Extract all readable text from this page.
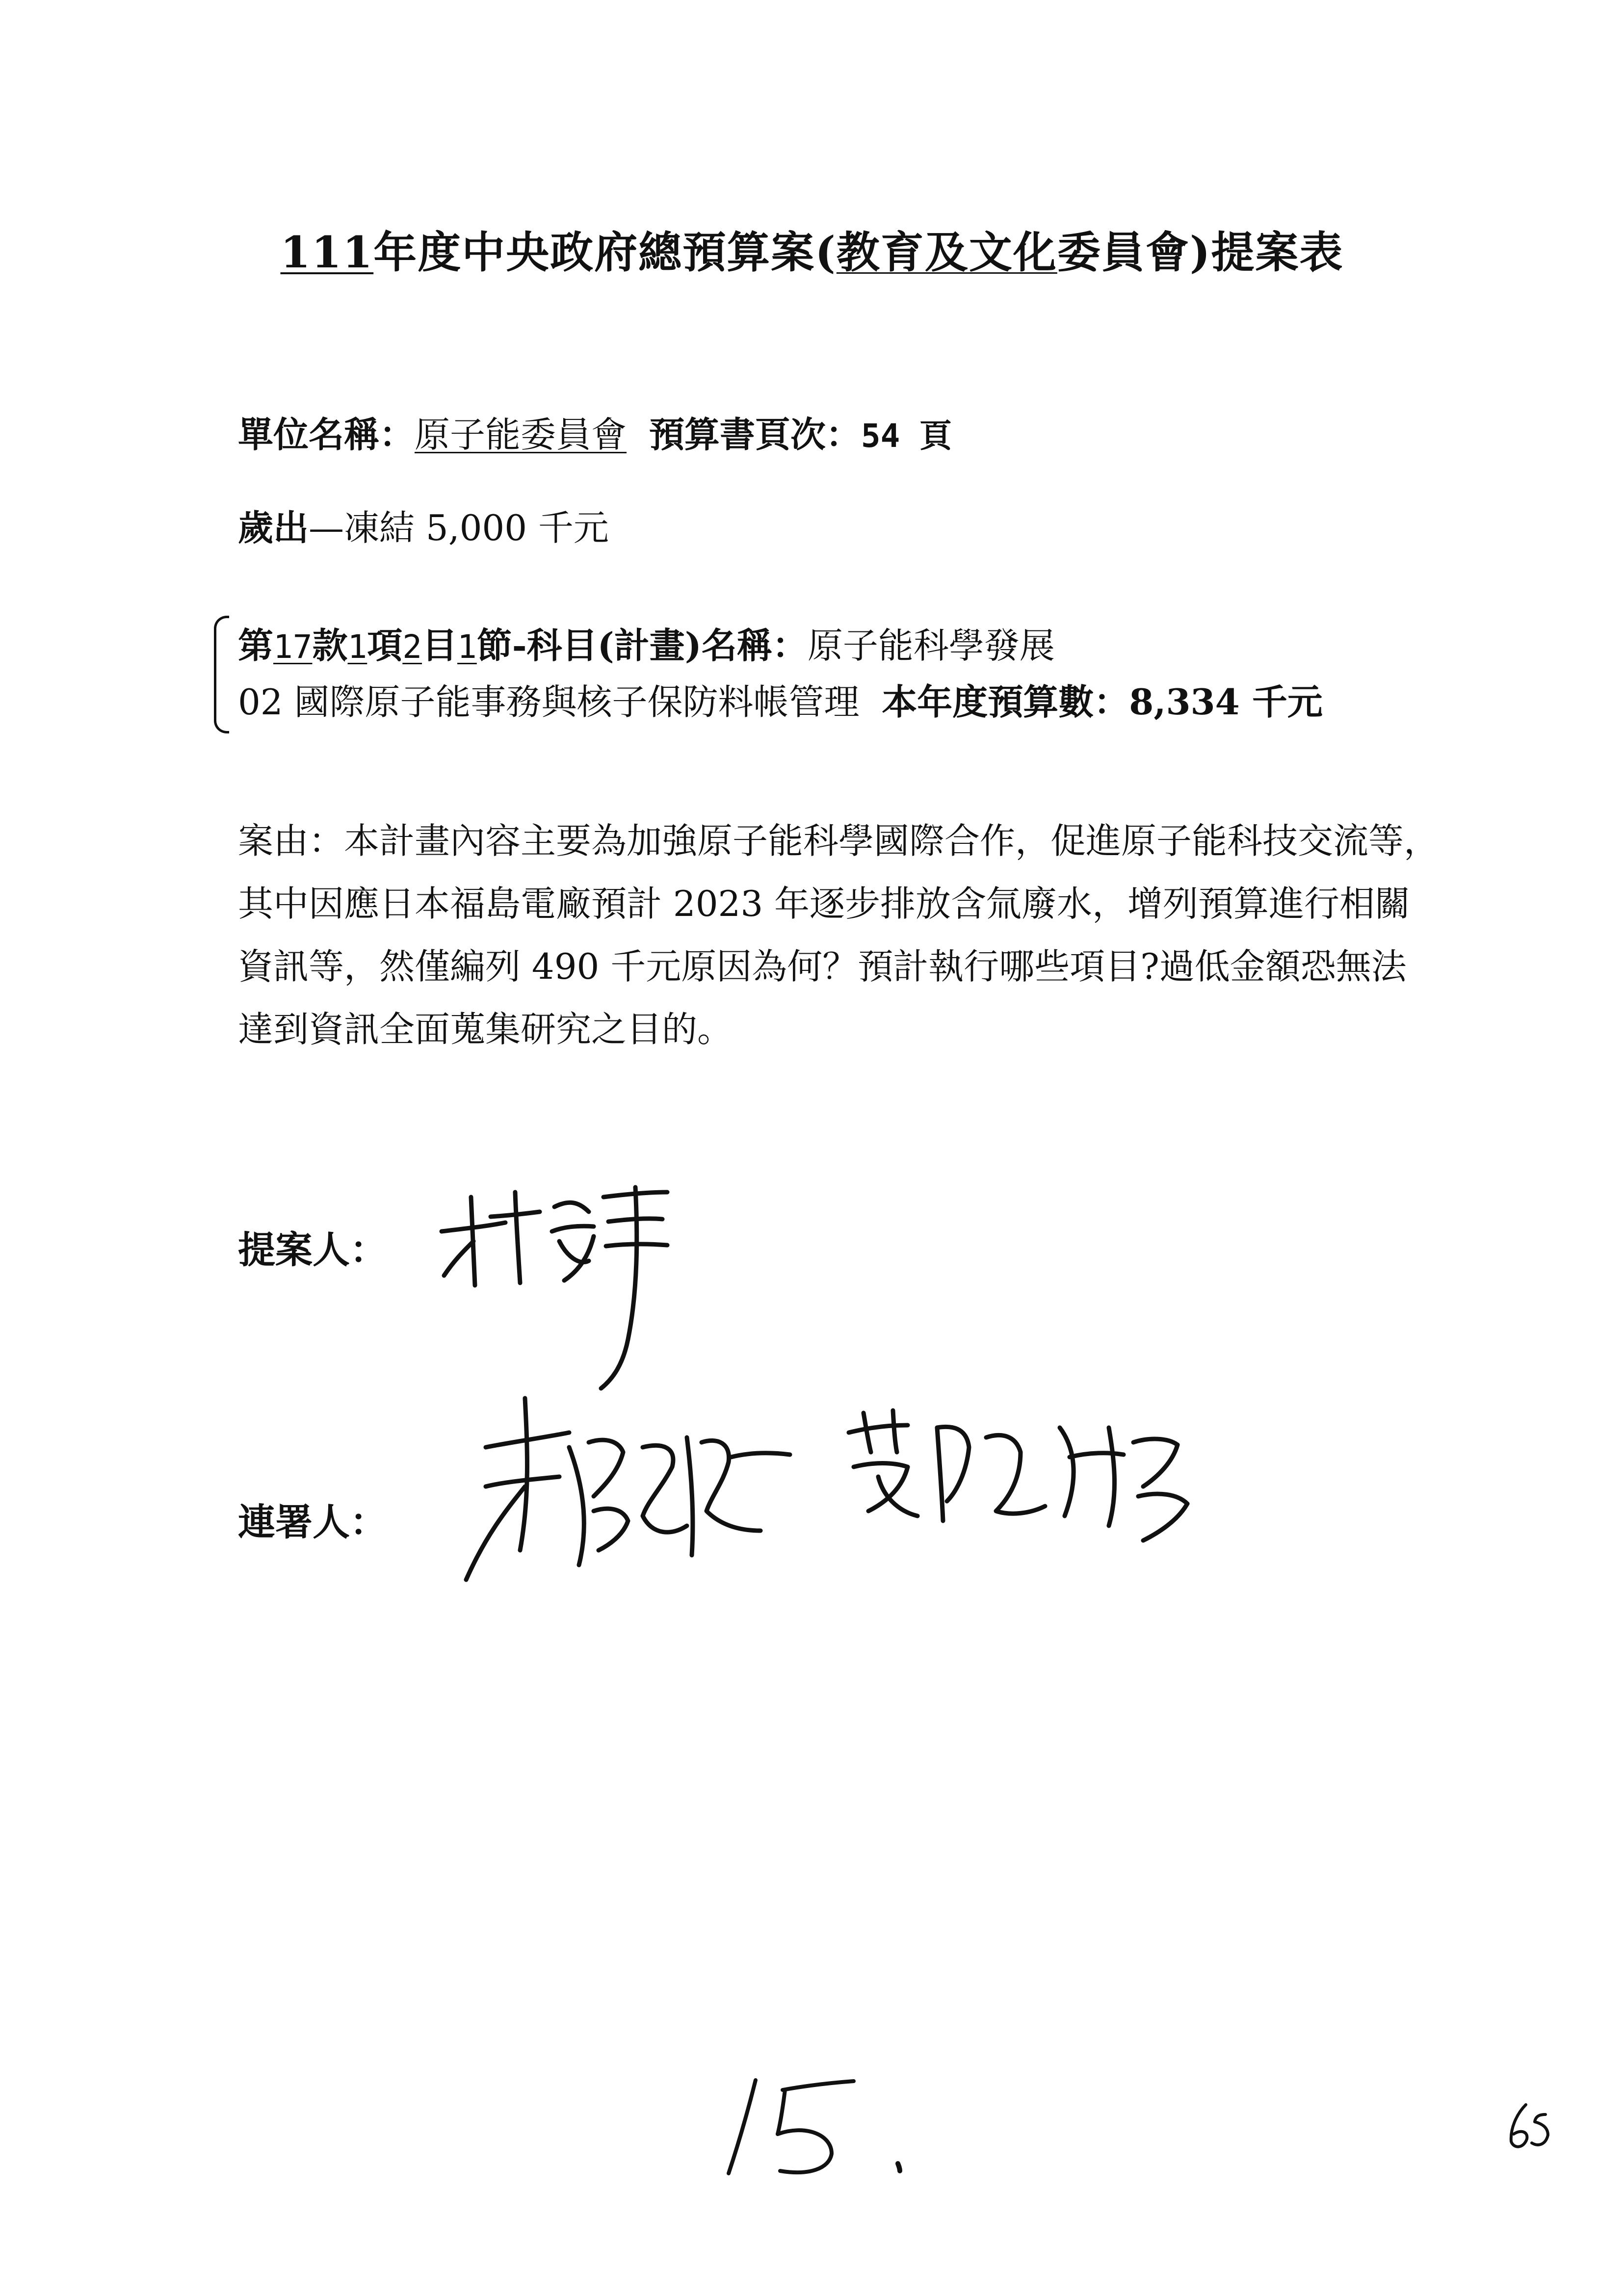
111年度中央政府總預算案(教育及文化委員會)提案表
單位名稱：原子能委員會 預算書頁次：54 頁
歲出—凍結 5,000 千元
第17款1項2目1節-科目(計畫)名稱：原子能科學發展
02 國際原子能事務與核子保防料帳管理 本年度預算數：8,334 千元
案由：本計畫內容主要為加強原子能科學國際合作，促進原子能科技交流等，其中因應日本福島電廠預計 2023 年逐步排放含氚廢水，增列預算進行相關資訊等，然僅編列 490 千元原因為何？預計執行哪些項目?過低金額恐無法達到資訊全面蒐集研究之目的。
提案人：
連署人：
